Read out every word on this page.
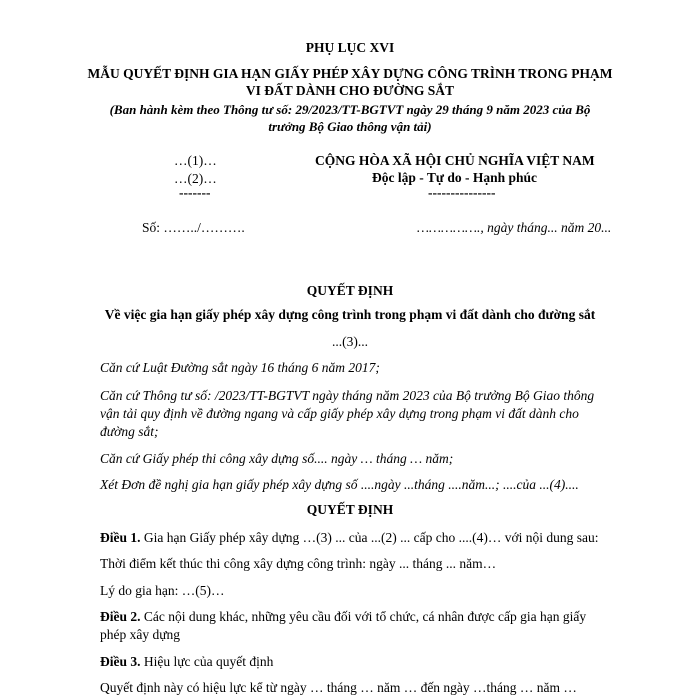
PHỤ LỤC XVI
MẪU QUYẾT ĐỊNH GIA HẠN GIẤY PHÉP XÂY DỰNG CÔNG TRÌNH TRONG PHẠM
VI ĐẤT DÀNH CHO ĐƯỜNG SẮT
(Ban hành kèm theo Thông tư số: 29/2023/TT-BGTVT ngày 29 tháng 9 năm 2023 của Bộ
trưởng Bộ Giao thông vận tải)
…(1)…
…(2)…
-------
Số: ……../……….
CỘNG HÒA XÃ HỘI CHỦ NGHĨA VIỆT NAM
Độc lập - Tự do - Hạnh phúc
---------------
……………., ngày tháng... năm 20...
QUYẾT ĐỊNH
Về việc gia hạn giấy phép xây dựng công trình trong phạm vi đất dành cho đường sắt
...(3)...
Căn cứ Luật Đường sắt ngày 16 tháng 6 năm 2017;
Căn cứ Thông tư số: /2023/TT-BGTVT ngày tháng năm 2023 của Bộ trưởng Bộ Giao thông
vận tải quy định về đường ngang và cấp giấy phép xây dựng trong phạm vi đất dành cho
đường sắt;
Căn cứ Giấy phép thi công xây dựng số.... ngày … tháng … năm;
Xét Đơn đề nghị gia hạn giấy phép xây dựng số ....ngày ...tháng ....năm...; ....của ...(4)....
QUYẾT ĐỊNH
Điều 1. Gia hạn Giấy phép xây dựng …(3) ... của ...(2) ... cấp cho ....(4)… với nội dung sau:
Thời điểm kết thúc thi công xây dựng công trình: ngày ... tháng ... năm…
Lý do gia hạn: …(5)…
Điều 2. Các nội dung khác, những yêu cầu đối với tổ chức, cá nhân được cấp gia hạn giấy
phép xây dựng
Điều 3. Hiệu lực của quyết định
Quyết định này có hiệu lực kể từ ngày … tháng … năm … đến ngày …tháng … năm …
